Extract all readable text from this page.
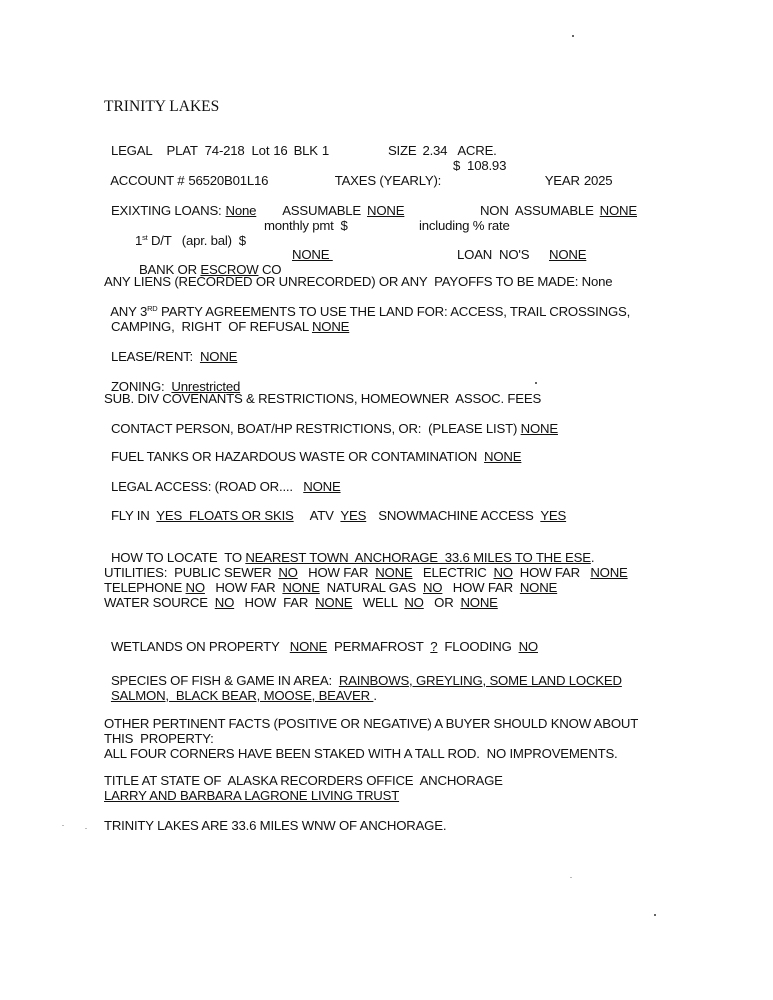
TRINITY LAKES

LEGAL PLAT 74-218 Lot 16 BLK 1	SIZE 2.34 ACRE.

ACCOUNT # 56520B01L16	TAXES (YEARLY):

$  108.93

YEAR 2025

EXIXTING LOANS: None	ASSUMABLE NONE	NON  ASSUMABLE NONE

1st D/T   (apr. bal)  $

monthly pmt  $	including % rate

BANK OR ESCROW CO

NONE	LOAN  NO'S NONE
ANY LIENS (RECORDED OR UNRECORDED) OR ANY  PAYOFFS TO BE MADE: None

ANY 3RD PARTY AGREEMENTS TO USE THE LAND FOR: ACCESS, TRAIL CROSSINGS,

CAMPING,  RIGHT  OF REFUSAL NONE

LEASE/RENT:  NONE

ZONING:  Unrestricted

SUB. DIV COVENANTS & RESTRICTIONS, HOMEOWNER  ASSOC. FEES

CONTACT PERSON, BOAT/HP RESTRICTIONS, OR:  (PLEASE LIST) NONE

FUEL TANKS OR HAZARDOUS WASTE OR CONTAMINATION  NONE

LEGAL ACCESS: (ROAD OR....   NONE

FLY IN  YES  FLOATS OR SKIS ATV  YES SNOWMACHINE ACCESS  YES

HOW TO LOCATE  TO NEAREST TOWN  ANCHORAGE  33.6 MILES TO THE ESE.

UTILITIES:  PUBLIC SEWER  NO   HOW FAR  NONE   ELECTRIC  NO  HOW FAR   NONE
TELEPHONE NO   HOW FAR  NONE  NATURAL GAS  NO   HOW FAR  NONE
WATER SOURCE  NO   HOW  FAR  NONE   WELL  NO   OR  NONE

WETLANDS ON PROPERTY   NONE  PERMAFROST  ?  FLOODING  NO

SPECIES OF FISH & GAME IN AREA:  RAINBOWS, GREYLING, SOME LAND LOCKED

SALMON,  BLACK BEAR, MOOSE, BEAVER .

OTHER PERTINENT FACTS (POSITIVE OR NEGATIVE) A BUYER SHOULD KNOW ABOUT
THIS  PROPERTY:
ALL FOUR CORNERS HAVE BEEN STAKED WITH A TALL ROD.  NO IMPROVEMENTS.
TITLE AT STATE OF  ALASKA RECORDERS OFFICE  ANCHORAGE
LARRY AND BARBARA LAGRONE LIVING TRUST
TRINITY LAKES ARE 33.6 MILES WNW OF ANCHORAGE.
